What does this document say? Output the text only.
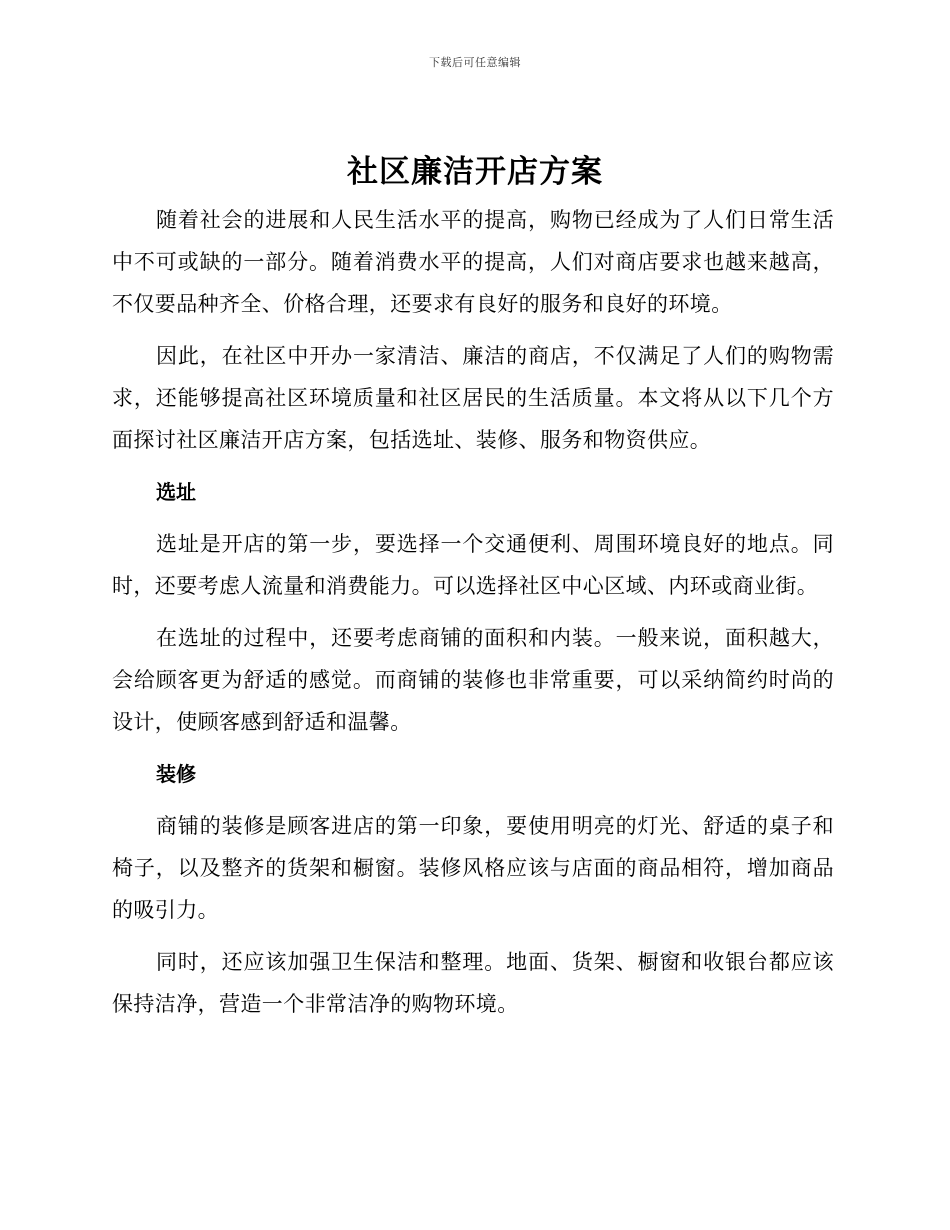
下载后可任意编辑
社区廉洁开店方案

随着社会的进展和人民生活水平的提高，购物已经成为了人们日常生活中不可或缺的一部分。随着消费水平的提高，人们对商店要求也越来越高，不仅要品种齐全、价格合理，还要求有良好的服务和良好的环境。

因此，在社区中开办一家清洁、廉洁的商店，不仅满足了人们的购物需求，还能够提高社区环境质量和社区居民的生活质量。本文将从以下几个方面探讨社区廉洁开店方案，包括选址、装修、服务和物资供应。

选址

选址是开店的第一步，要选择一个交通便利、周围环境良好的地点。同时，还要考虑人流量和消费能力。可以选择社区中心区域、内环或商业街。

在选址的过程中，还要考虑商铺的面积和内装。一般来说，面积越大，会给顾客更为舒适的感觉。而商铺的装修也非常重要，可以采纳简约时尚的设计，使顾客感到舒适和温馨。

装修

商铺的装修是顾客进店的第一印象，要使用明亮的灯光、舒适的桌子和椅子，以及整齐的货架和橱窗。装修风格应该与店面的商品相符，增加商品的吸引力。

同时，还应该加强卫生保洁和整理。地面、货架、橱窗和收银台都应该保持洁净，营造一个非常洁净的购物环境。
